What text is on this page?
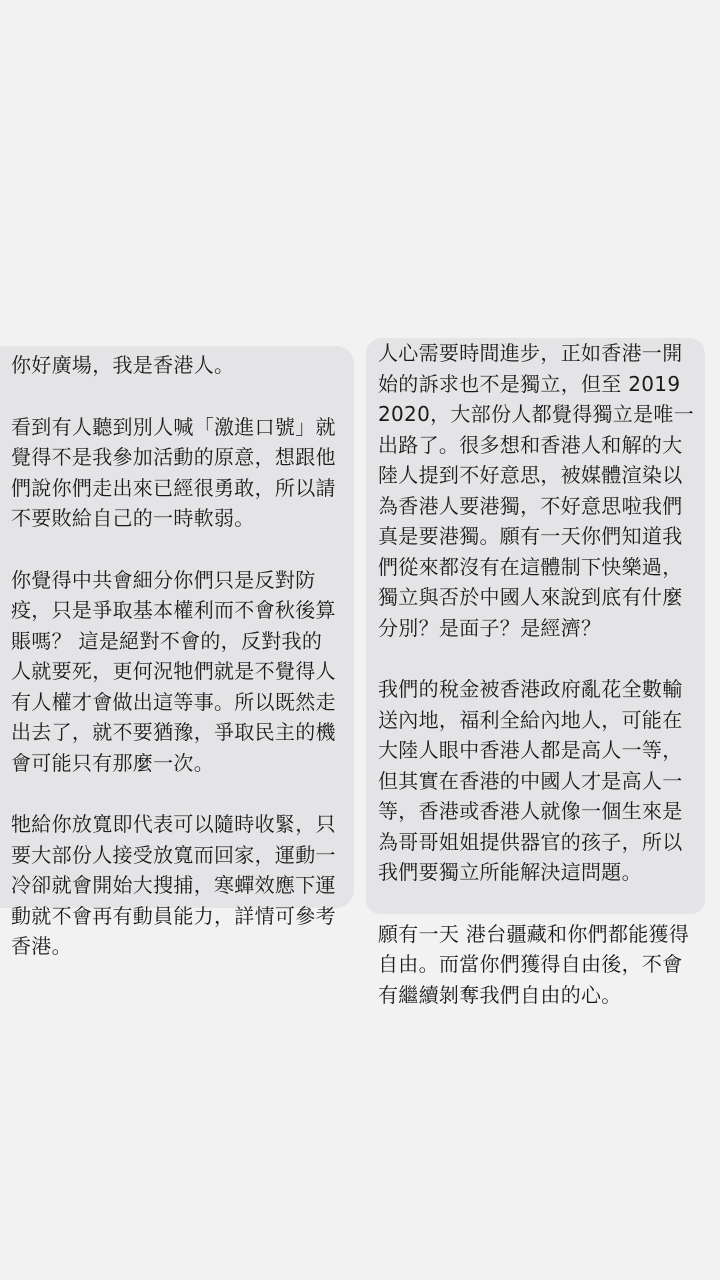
你好廣場，我是香港人。

看到有人聽到別人喊「激進口號」就覺得不是我參加活動的原意，想跟他們說你們走出來已經很勇敢，所以請不要敗給自己的一時軟弱。

你覺得中共會細分你們只是反對防疫，只是爭取基本權利而不會秋後算賬嗎？ 這是絕對不會的，反對我的人就要死，更何況牠們就是不覺得人有人權才會做出這等事。所以既然走出去了，就不要猶豫，爭取民主的機會可能只有那麼一次。

牠給你放寬即代表可以隨時收緊，只要大部份人接受放寬而回家，運動一冷卻就會開始大搜捕，寒蟬效應下運動就不會再有動員能力，詳情可參考香港。

人心需要時間進步，正如香港一開始的訴求也不是獨立，但至 2019 2020，大部份人都覺得獨立是唯一出路了。很多想和香港人和解的大陸人提到不好意思，被媒體渲染以為香港人要港獨，不好意思啦我們真是要港獨。願有一天你們知道我們從來都沒有在這體制下快樂過，獨立與否於中國人來說到底有什麼分別？是面子？是經濟？

我們的稅金被香港政府亂花全數輸送內地，福利全給內地人，可能在大陸人眼中香港人都是高人一等，但其實在香港的中國人才是高人一等，香港或香港人就像一個生來是為哥哥姐姐提供器官的孩子，所以我們要獨立所能解決這問題。

願有一天 港台疆藏和你們都能獲得自由。而當你們獲得自由後，不會有繼續剝奪我們自由的心。
